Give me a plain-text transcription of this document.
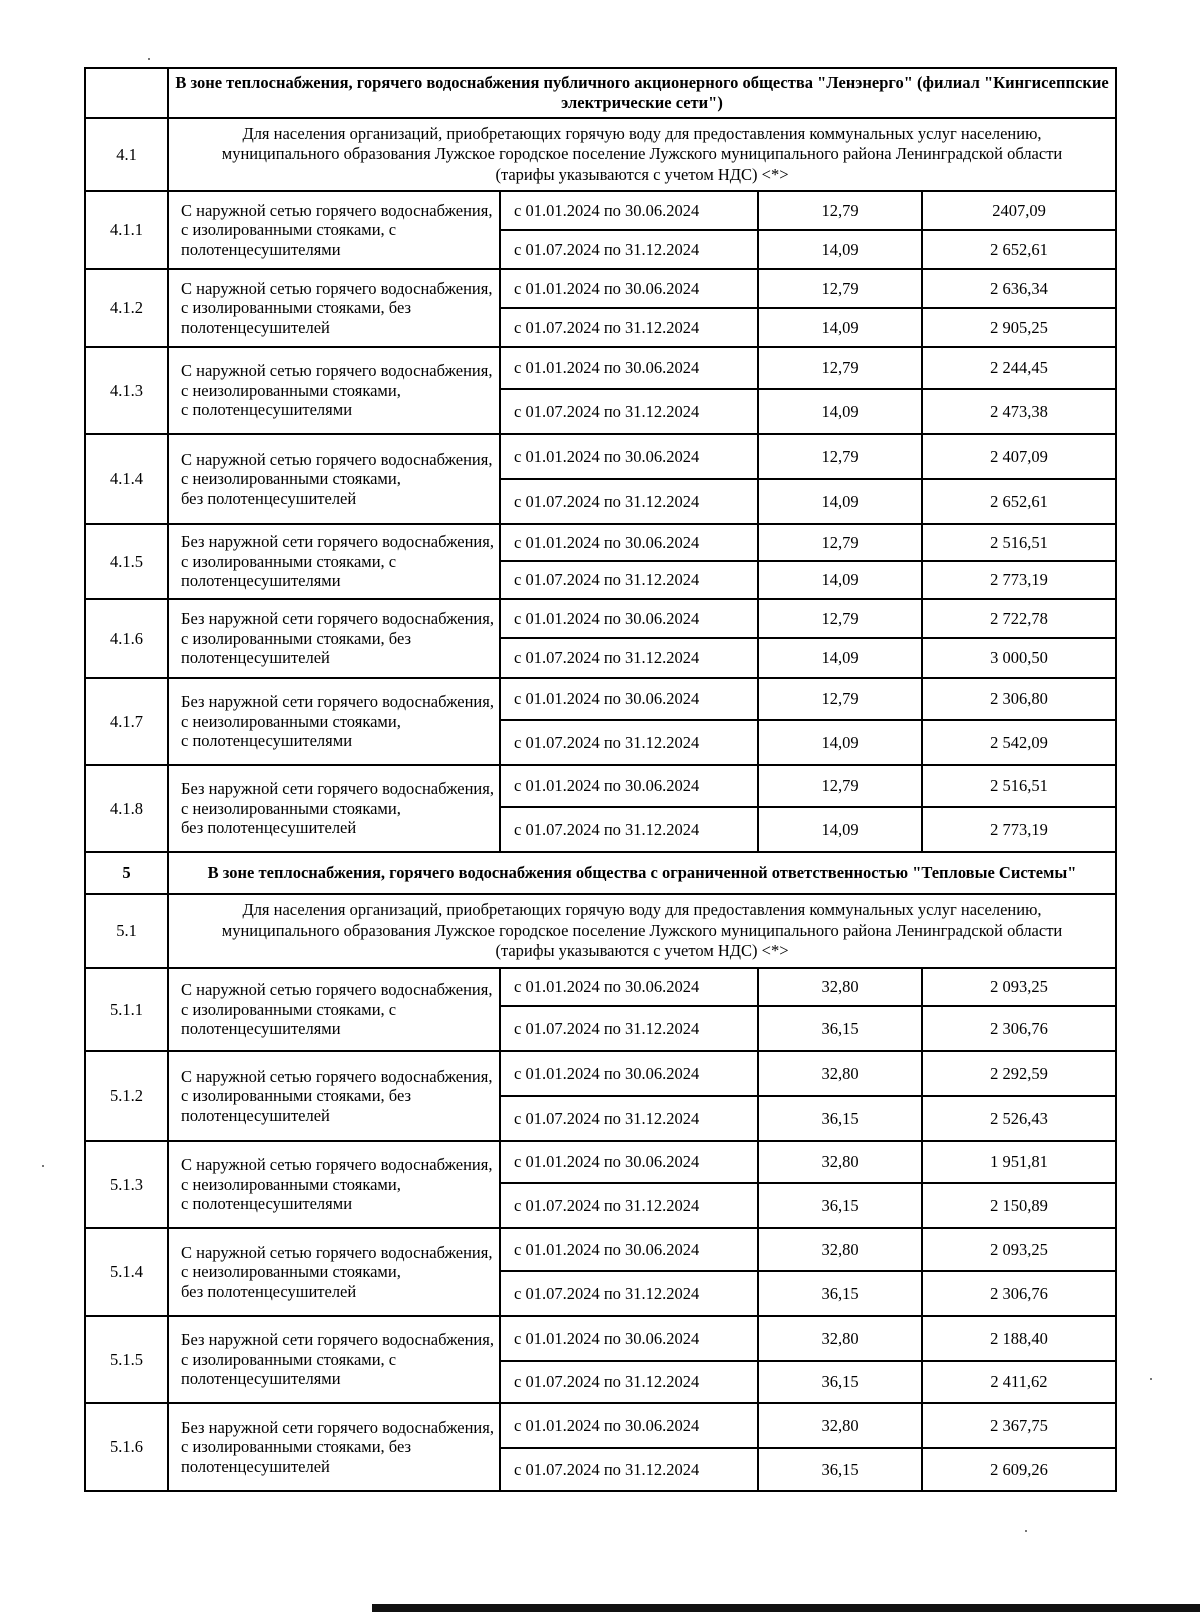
	В зоне теплоснабжения, горячего водоснабжения публичного акционерного общества "Ленэнерго" (филиал "Кингисеппские электрические сети")			
4.1	Для населения организаций, приобретающих горячую воду для предоставления коммунальных услуг населению, муниципального образования Лужское городское поселение Лужского муниципального района Ленинградской области (тарифы указываются с учетом НДС) <*>			
4.1.1	С наружной сетью горячего водоснабжения, с изолированными стояками, с полотенцесушителями	с 01.01.2024 по 30.06.2024	12,79	2407,09
		с 01.07.2024 по 31.12.2024	14,09	2 652,61
4.1.2	С наружной сетью горячего водоснабжения, с изолированными стояками, без полотенцесушителей	с 01.01.2024 по 30.06.2024	12,79	2 636,34
		с 01.07.2024 по 31.12.2024	14,09	2 905,25
4.1.3	С наружной сетью горячего водоснабжения,
с неизолированными стояками,
с полотенцесушителями	с 01.01.2024 по 30.06.2024	12,79	2 244,45
		с 01.07.2024 по 31.12.2024	14,09	2 473,38
4.1.4	С наружной сетью горячего водоснабжения,
с неизолированными стояками,
без полотенцесушителей	с 01.01.2024 по 30.06.2024	12,79	2 407,09
		с 01.07.2024 по 31.12.2024	14,09	2 652,61
4.1.5	Без наружной сети горячего водоснабжения, с изолированными стояками, с полотенцесушителями	с 01.01.2024 по 30.06.2024	12,79	2 516,51
		с 01.07.2024 по 31.12.2024	14,09	2 773,19
4.1.6	Без наружной сети горячего водоснабжения, с изолированными стояками, без полотенцесушителей	с 01.01.2024 по 30.06.2024	12,79	2 722,78
		с 01.07.2024 по 31.12.2024	14,09	3 000,50
4.1.7	Без наружной сети горячего водоснабжения,
с неизолированными стояками,
с полотенцесушителями	с 01.01.2024 по 30.06.2024	12,79	2 306,80
		с 01.07.2024 по 31.12.2024	14,09	2 542,09
4.1.8	Без наружной сети горячего водоснабжения,
с неизолированными стояками,
без полотенцесушителей	с 01.01.2024 по 30.06.2024	12,79	2 516,51
		с 01.07.2024 по 31.12.2024	14,09	2 773,19
5	В зоне теплоснабжения, горячего водоснабжения общества с ограниченной ответственностью "Тепловые Системы"			
5.1	Для населения организаций, приобретающих горячую воду для предоставления коммунальных услуг населению, муниципального образования Лужское городское поселение Лужского муниципального района Ленинградской области (тарифы указываются с учетом НДС) <*>			
5.1.1	С наружной сетью горячего водоснабжения, с изолированными стояками, с полотенцесушителями	с 01.01.2024 по 30.06.2024	32,80	2 093,25
		с 01.07.2024 по 31.12.2024	36,15	2 306,76
5.1.2	С наружной сетью горячего водоснабжения, с изолированными стояками, без полотенцесушителей	с 01.01.2024 по 30.06.2024	32,80	2 292,59
		с 01.07.2024 по 31.12.2024	36,15	2 526,43
5.1.3	С наружной сетью горячего водоснабжения,
с неизолированными стояками,
с полотенцесушителями	с 01.01.2024 по 30.06.2024	32,80	1 951,81
		с 01.07.2024 по 31.12.2024	36,15	2 150,89
5.1.4	С наружной сетью горячего водоснабжения,
с неизолированными стояками,
без полотенцесушителей	с 01.01.2024 по 30.06.2024	32,80	2 093,25
		с 01.07.2024 по 31.12.2024	36,15	2 306,76
5.1.5	Без наружной сети горячего водоснабжения, с изолированными стояками, с полотенцесушителями	с 01.01.2024 по 30.06.2024	32,80	2 188,40
		с 01.07.2024 по 31.12.2024	36,15	2 411,62
5.1.6	Без наружной сети горячего водоснабжения, с изолированными стояками, без полотенцесушителей	с 01.01.2024 по 30.06.2024	32,80	2 367,75
		с 01.07.2024 по 31.12.2024	36,15	2 609,26
